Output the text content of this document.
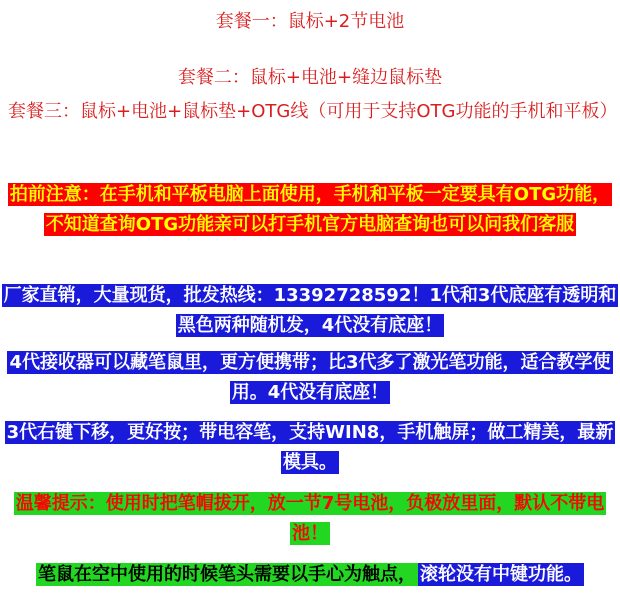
套餐一：鼠标+2节电池
套餐二：鼠标+电池+缝边鼠标垫
套餐三：鼠标+电池+鼠标垫+OTG线（可用于支持OTG功能的手机和平板）
拍前注意：在手机和平板电脑上面使用，手机和平板一定要具有OTG功能，不知道查询OTG功能亲可以打手机官方电脑查询也可以问我们客服
厂家直销，大量现货，批发热线：13392728592！1代和3代底座有透明和黑色两种随机发，4代没有底座！
4代接收器可以藏笔鼠里，更方便携带；比3代多了激光笔功能，适合教学使用。4代没有底座！
3代右键下移，更好按；带电容笔，支持WIN8，手机触屏；做工精美，最新模具。
温馨提示：使用时把笔帽拔开，放一节7号电池，负极放里面，默认不带电池！
笔鼠在空中使用的时候笔头需要以手心为触点， 滚轮没有中键功能。
